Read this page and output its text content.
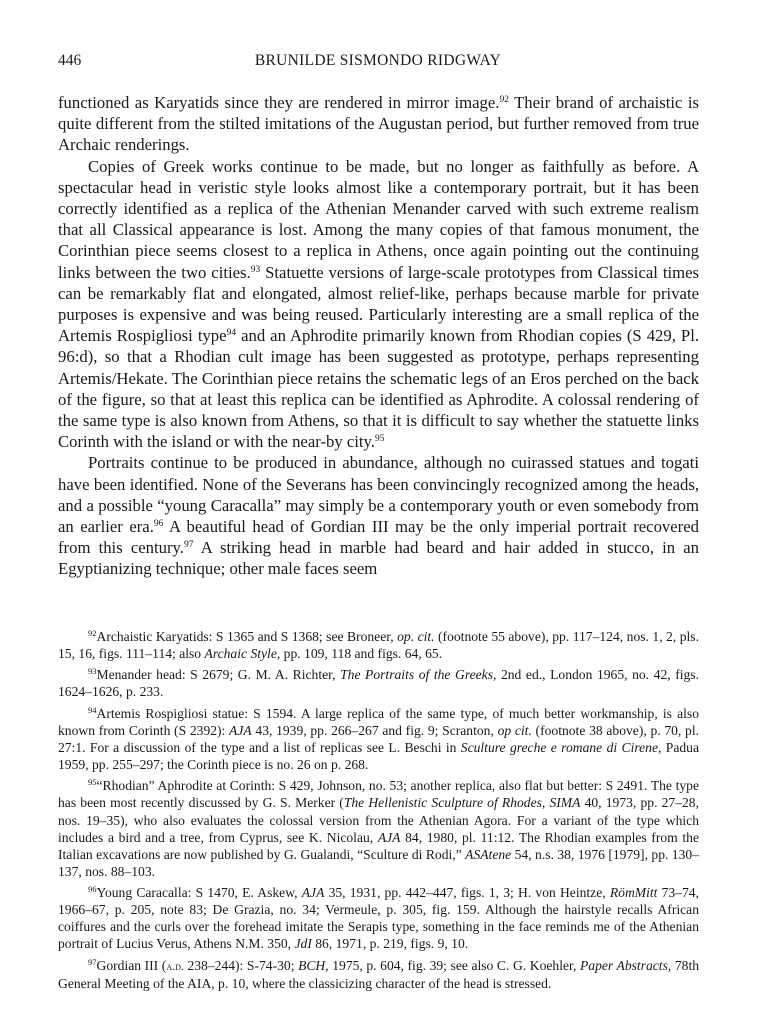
446	BRUNILDE SISMONDO RIDGWAY

functioned as Karyatids since they are rendered in mirror image.$^{92}$ Their brand of archaistic is quite different from the stilted imitations of the Augustan period, but further removed from true Archaic renderings.

Copies of Greek works continue to be made, but no longer as faithfully as before. A spectacular head in veristic style looks almost like a contemporary portrait, but it has been correctly identified as a replica of the Athenian Menander carved with such extreme realism that all Classical appearance is lost. Among the many copies of that famous monument, the Corinthian piece seems closest to a replica in Athens, once again pointing out the continuing links between the two cities.$^{93}$ Statuette versions of large-scale prototypes from Classical times can be remarkably flat and elongated, almost relief-like, perhaps because marble for private purposes is expensive and was being reused. Particularly interesting are a small replica of the Artemis Rospigliosi type$^{94}$ and an Aphrodite primarily known from Rhodian copies (S 429, Pl. 96:d), so that a Rhodian cult image has been suggested as prototype, perhaps representing Artemis/Hekate. The Corinthian piece retains the schematic legs of an Eros perched on the back of the figure, so that at least this replica can be identified as Aphrodite. A colossal rendering of the same type is also known from Athens, so that it is difficult to say whether the statuette links Corinth with the island or with the near-by city.$^{95}$

Portraits continue to be produced in abundance, although no cuirassed statues and togati have been identified. None of the Severans has been convincingly recognized among the heads, and a possible “young Caracalla” may simply be a contemporary youth or even somebody from an earlier era.$^{96}$ A beautiful head of Gordian III may be the only imperial portrait recovered from this century.$^{97}$ A striking head in marble had beard and hair added in stucco, in an Egyptianizing technique; other male faces seem

$^{92}$Archaistic Karyatids: S 1365 and S 1368; see Broneer, op. cit. (footnote 55 above), pp. 117–124, nos. 1, 2, pls. 15, 16, figs. 111–114; also Archaic Style, pp. 109, 118 and figs. 64, 65.

$^{93}$Menander head: S 2679; G. M. A. Richter, The Portraits of the Greeks, 2nd ed., London 1965, no. 42, figs. 1624–1626, p. 233.

$^{94}$Artemis Rospigliosi statue: S 1594. A large replica of the same type, of much better workmanship, is also known from Corinth (S 2392): AJA 43, 1939, pp. 266–267 and fig. 9; Scranton, op cit. (footnote 38 above), p. 70, pl. 27:1. For a discussion of the type and a list of replicas see L. Beschi in Sculture greche e romane di Cirene, Padua 1959, pp. 255–297; the Corinth piece is no. 26 on p. 268.

$^{95}$“Rhodian” Aphrodite at Corinth: S 429, Johnson, no. 53; another replica, also flat but better: S 2491. The type has been most recently discussed by G. S. Merker (The Hellenistic Sculpture of Rhodes, SIMA 40, 1973, pp. 27–28, nos. 19–35), who also evaluates the colossal version from the Athenian Agora. For a variant of the type which includes a bird and a tree, from Cyprus, see K. Nicolau, AJA 84, 1980, pl. 11:12. The Rhodian examples from the Italian excavations are now published by G. Gualandi, “Sculture di Rodi,” ASAtene 54, n.s. 38, 1976 [1979], pp. 130–137, nos. 88–103.

$^{96}$Young Caracalla: S 1470, E. Askew, AJA 35, 1931, pp. 442–447, figs. 1, 3; H. von Heintze, RömMitt 73–74, 1966–67, p. 205, note 83; De Grazia, no. 34; Vermeule, p. 305, fig. 159. Although the hairstyle recalls African coiffures and the curls over the forehead imitate the Serapis type, something in the face reminds me of the Athenian portrait of Lucius Verus, Athens N.M. 350, JdI 86, 1971, p. 219, figs. 9, 10.

$^{97}$Gordian III (a.d. 238–244): S-74-30; BCH, 1975, p. 604, fig. 39; see also C. G. Koehler, Paper Abstracts, 78th General Meeting of the AIA, p. 10, where the classicizing character of the head is stressed.
